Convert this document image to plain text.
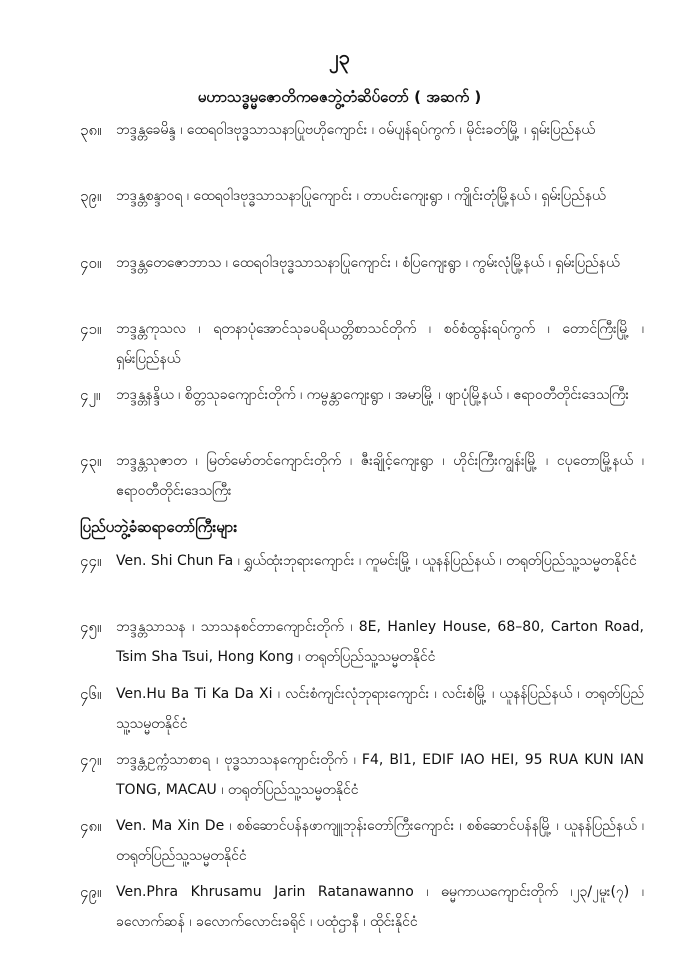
၂၃
မဟာသဒ္ဓမ္မဇောတိကဓဇဘွဲ့တံဆိပ်တော် ( အဆက် )
၃၈။	ဘဒ္ဒန္တခေမိန္ဒ ၊ ထေရဝါဒဗုဒ္ဓသာသနာပြုဗဟိုကျောင်း ၊ ဝမ်ပျန်ရပ်ကွက် ၊ မိုင်းခတ်မြို့ ၊ ရှမ်းပြည်နယ်
၃၉။	ဘဒ္ဒန္တစန္ဒာဝရ ၊ ထေရဝါဒဗုဒ္ဓသာသနာပြုကျောင်း ၊ တာပင်းကျေးရွာ ၊ ကျိုင်းတုံမြို့နယ် ၊ ရှမ်းပြည်နယ်
၄၀။	ဘဒ္ဒန္တတေဇောဘာသ ၊ ထေရဝါဒဗုဒ္ဓသာသနာပြုကျောင်း ၊ စံပြကျေးရွာ ၊ ကွမ်းလုံမြို့နယ် ၊ ရှမ်းပြည်နယ်
၄၁။	ဘဒ္ဒန္တကုသလ ၊ ရတနာပုံအောင်သုခပရိယတ္တိစာသင်တိုက် ၊ စဝ်စံထွန်းရပ်ကွက် ၊ တောင်ကြီးမြို့ ၊ ရှမ်းပြည်နယ်
၄၂။	ဘဒ္ဒန္တနန္ဒိယ ၊ စိတ္တသုခကျောင်းတိုက် ၊ ကမ္ဗန္တာကျေးရွာ ၊ အမာမြို့ ၊ ဖျာပုံမြို့နယ် ၊ ဧရာဝတီတိုင်းဒေသကြီး
၄၃။	ဘဒ္ဒန္တသုဇာတ ၊ မြတ်မော်တင်ကျောင်းတိုက် ၊ ဇီးချိုင့်ကျေးရွာ ၊ ဟိုင်းကြီးကျွန်းမြို့ ၊ ငပုတောမြို့နယ် ၊ ဧရာဝတီတိုင်းဒေသကြီး
ပြည်ပဘွဲ့ခံဆရာတော်ကြီးများ
၄၄။	Ven. Shi Chun Fa ၊ ရွှယ်ထုံးဘုရားကျောင်း ၊ ကူမင်းမြို့ ၊ ယူနန်ပြည်နယ် ၊ တရုတ်ပြည်သူ့သမ္မတနိုင်ငံ
၄၅။	ဘဒ္ဒန္တသာသန ၊ သာသနစင်တာကျောင်းတိုက် ၊ 8E, Hanley House, 68–80, Carton Road, Tsim Sha Tsui, Hong Kong ၊ တရုတ်ပြည်သူ့သမ္မတနိုင်ငံ
၄၆။	Ven.Hu Ba Ti Ka Da Xi ၊ လင်းစံကျင်းလုံဘုရားကျောင်း ၊ လင်းစံမြို့ ၊ ယူနန်ပြည်နယ် ၊ တရုတ်ပြည်သူ့သမ္မတနိုင်ငံ
၄၇။	ဘဒ္ဒန္တဥက္ကံသာစာရ ၊ ဗုဒ္ဓသာသနကျောင်းတိုက် ၊ F4, Bl1, EDIF IAO HEI, 95 RUA KUN IAN TONG, MACAU ၊ တရုတ်ပြည်သူ့သမ္မတနိုင်ငံ
၄၈။	Ven. Ma Xin De ၊ စစ်ဆောင်ပန်နဖာကျူဘုန်းတော်ကြီးကျောင်း ၊ စစ်ဆောင်ပန်နမြို့ ၊ ယူနန်ပြည်နယ် ၊ တရုတ်ပြည်သူ့သမ္မတနိုင်ငံ
၄၉။	Ven.Phra Khrusamu Jarin Ratanawanno ၊ ဓမ္မကာယကျောင်းတိုက် ၊၂၃/၂မူး(၇) ၊ ခလောက်ဆန် ၊ ခလောက်လောင်းခရိုင် ၊ ပထုံဌာနီ ၊ ထိုင်းနိုင်ငံ
